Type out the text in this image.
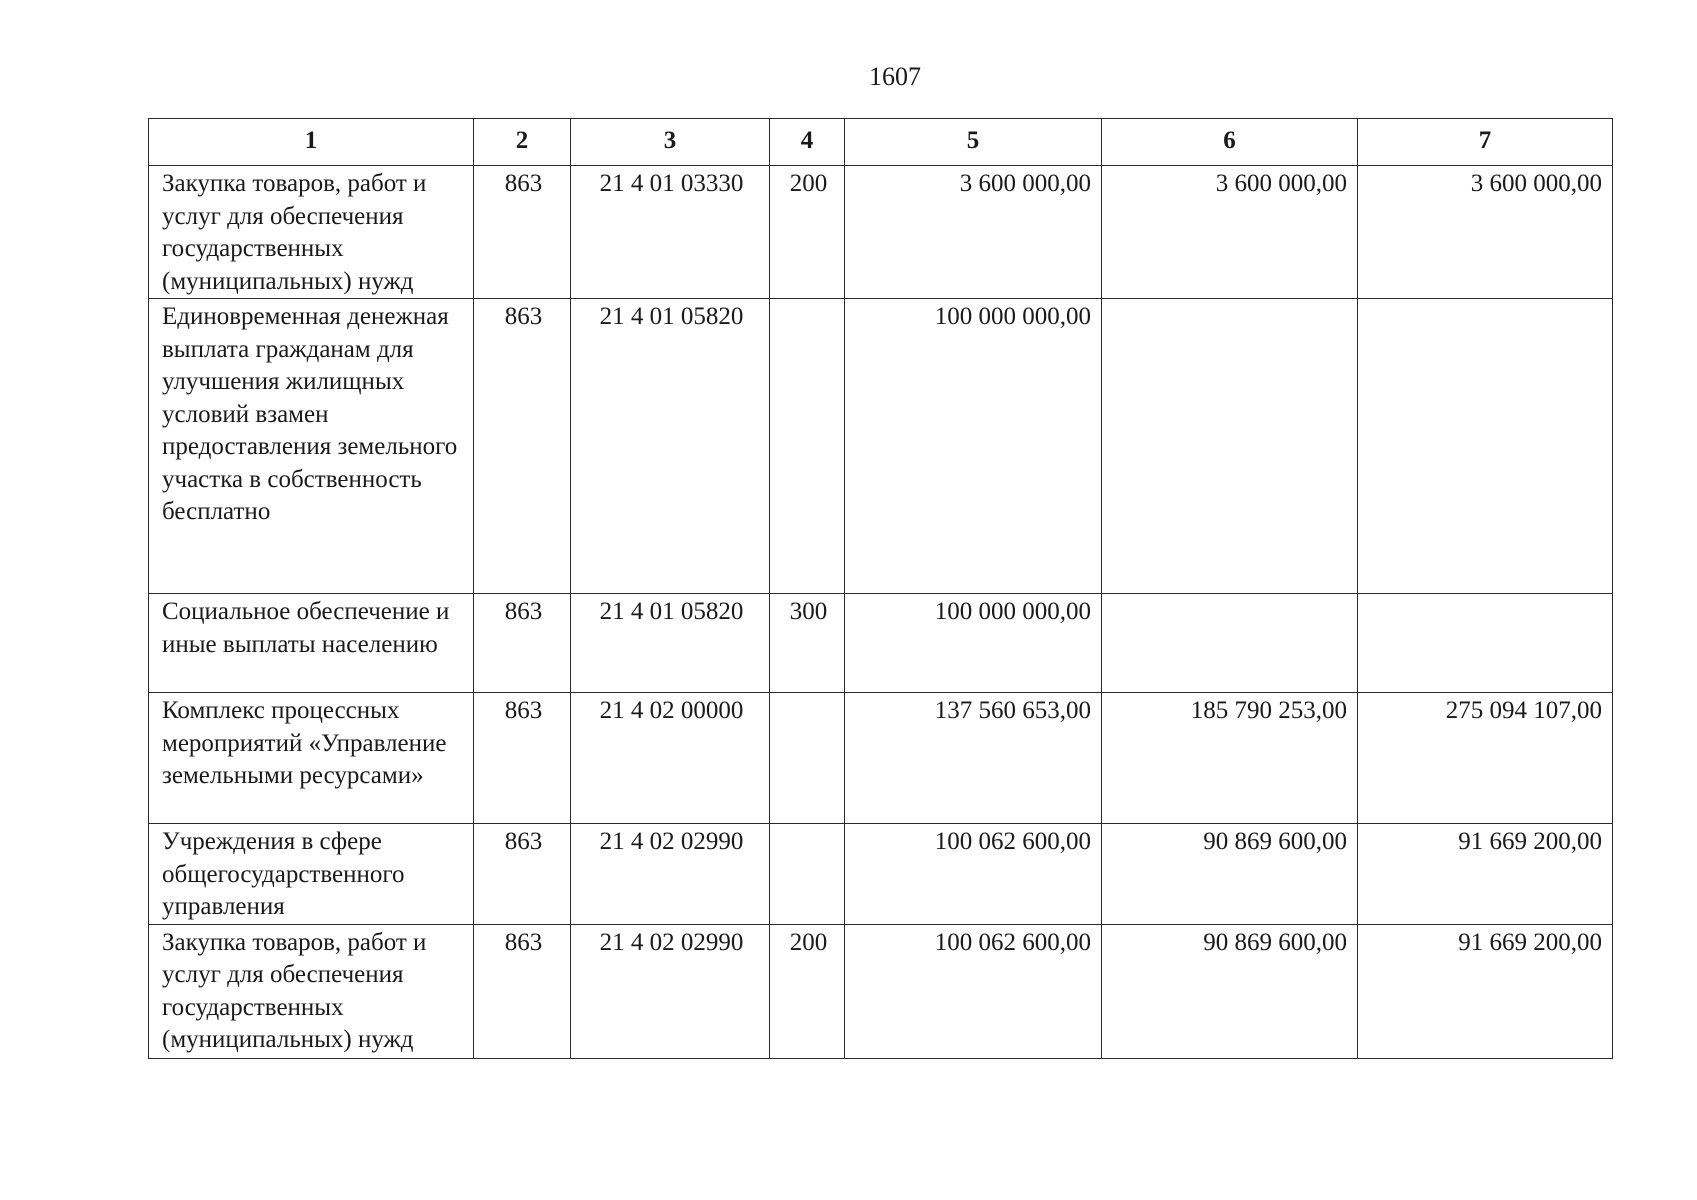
1607
1	2	3	4	5	6	7
Закупка товаров, работ и услуг для обеспечения государственных (муниципальных) нужд	863	21 4 01 03330	200	3 600 000,00	3 600 000,00	3 600 000,00
Единовременная денежная выплата гражданам для улучшения жилищных условий взамен предоставления земельного участка в собственность бесплатно	863	21 4 01 05820		100 000 000,00		
Социальное обеспечение и иные выплаты населению	863	21 4 01 05820	300	100 000 000,00		
Комплекс процессных мероприятий «Управление земельными ресурсами»	863	21 4 02 00000		137 560 653,00	185 790 253,00	275 094 107,00
Учреждения в сфере общегосударственного управления	863	21 4 02 02990		100 062 600,00	90 869 600,00	91 669 200,00
Закупка товаров, работ и услуг для обеспечения государственных (муниципальных) нужд	863	21 4 02 02990	200	100 062 600,00	90 869 600,00	91 669 200,00
